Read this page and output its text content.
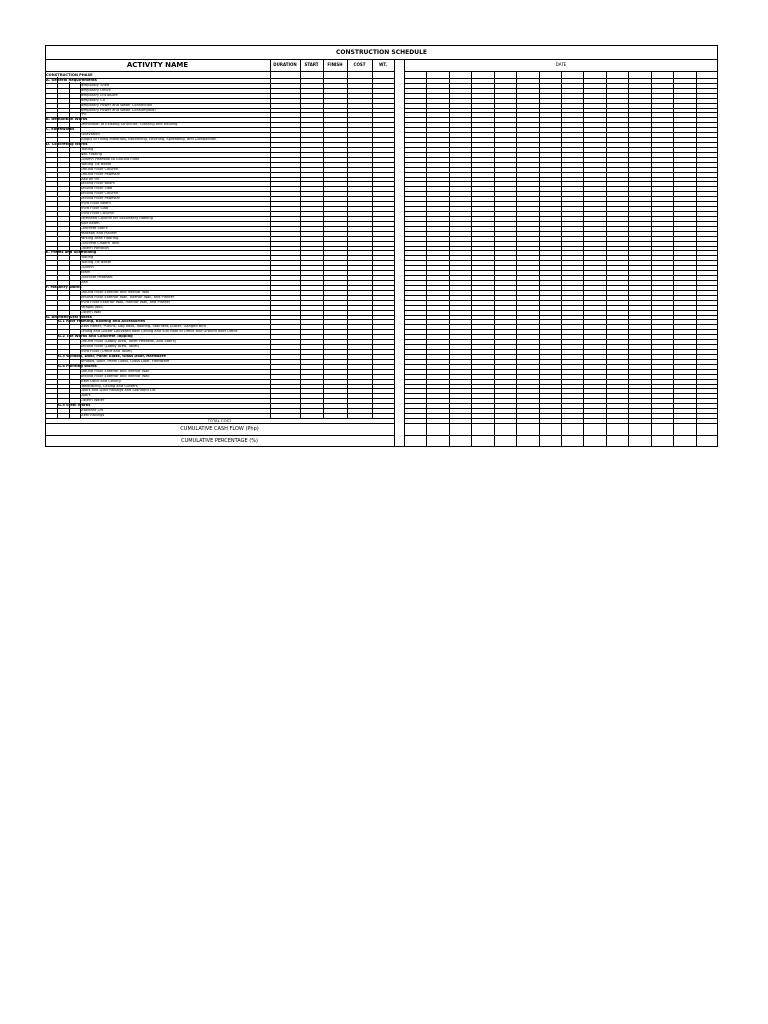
CONSTRUCTION SCHEDULE
ACTIVITY NAME	DURATION	START	FINISH	COST	WT.	DATE
CONSTRUCTION PHASE
A. General Requirements
Temporary Shed
Temporary Office
Temporary Enclosure
Temporary CR
Temporary Power and Water Connection
Temporary Power and Water Consumption
PPE
B. Demolition Works
Demolition of Existing Structure, Clearing and Hauling
C. Earthworks
Excavation
Supply of Filling Materials, Backfilling, Leveling, Spreading, and Compaction
D. Concreting Works
Footing
Wall Footing
Column Pedestal to Ground Floor
Footing Tie Beam
Ground Floor Column
Ground Floor Pedestal
Slab on Fill
Second Floor Beam
Second Floor Slab
Second Floor Column
Second Floor Pedestal
Third Floor Beam
Third Floor Slab
Third Floor Column
Extended Column for Secondary Roofing
Roof Beam
Concrete Stairs
Pedestal and Planter
Parking Area Flooring
Concrete Cistern Tank
Cistern Partition
E. Forms and Scaffolding
Footing
Footing Tie Beam
Column
Beam
Concrete Pedestal
Slab
F. Masonry Works
Ground Floor Exterior and Interior Wall
Second Floor Exterior Wall, Interior Wall, and Planter
Third Floor Exterior Wall, Interior Wall, and Planter
Parapet Wall
Cistern Wall
G. Architectural Works
G.1 Roof Framing, Roofing and Accessories
Steel Rafter, Purlins, Sag Rods, Roofing, Stainless Gutter, Ganged Bird
Ceiling and Gutter Louvered Roof Ceiling and Sun Roof of Office and Ground Roof Office
G.2 Tile Works and Concrete Topping
Ground Floor (Lobby Area, Toilet Pedestal, and Stairs)
Second Floor (Lobby Area, Toilet)
Third Floor (Office and Toilet)
G.3 Window, Door, Panel Glass, Glass Door, Hardware
Window, Door, Panel Glass, Glass Door, Hardware
G.4 Painting Works
Ground Floor Exterior and Interior Wall
Second Floor Exterior and Interior Wall
Steel Deck and Ceiling
Handrailing, Ceiling and Gutters
Doors and Door Railings and Standard Lift
Doors
Cistern Water
G.5 Steel Works
Standard Lift
Steel Railings
TOTAL COST
CUMULATIVE CASH FLOW (Php)
CUMULATIVE PERCENTAGE (%)
